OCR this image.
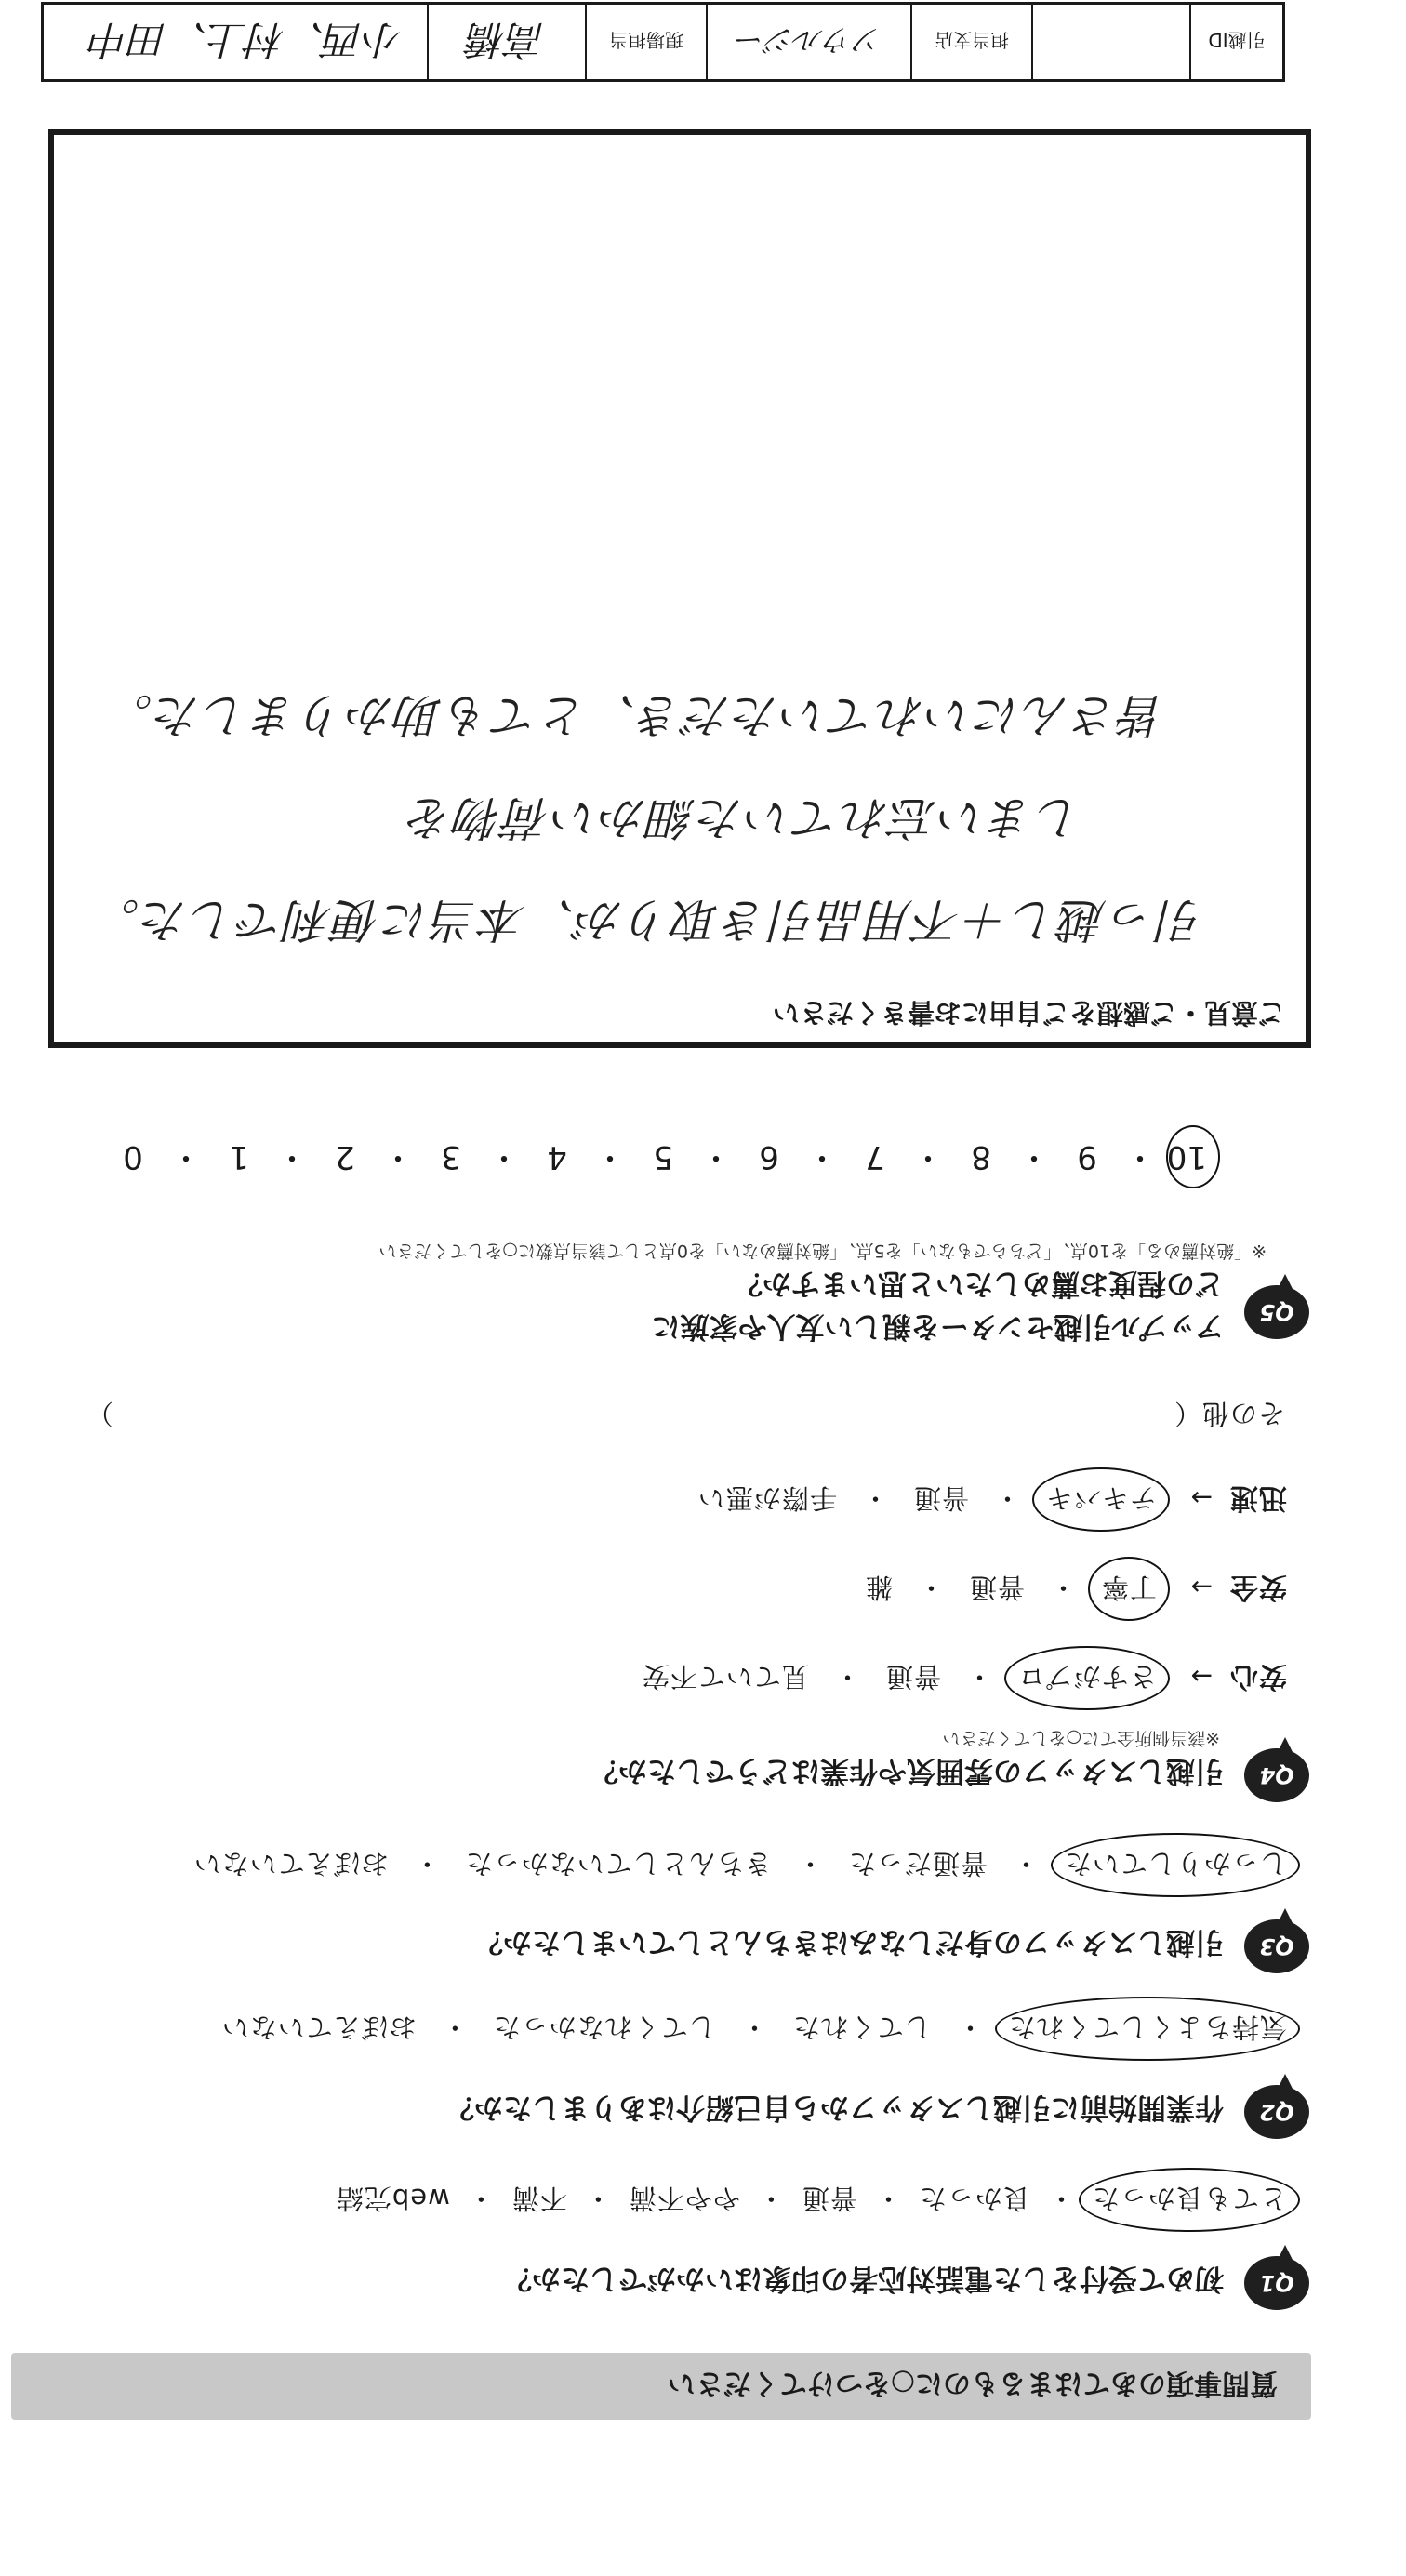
質問事項のあてはまるものに○をつけてください
Q1
初めて受付をした電話対応者の印象はいかがでしたか？
とても良かった・良かった・普通・やや不満・不満・web完結
Q2
作業開始前に引越しスタッフから自己紹介はありましたか？
気持ちよくしてくれた・してくれた・してくれなかった・おぼえていない
Q3
引越しスタッフの身だしなみはきちんとしていましたか？
しっかりしていた・普通だった・きちんとしていなかった・おぼえていない
Q4
引越しスタッフの雰囲気や作業はどうでしたか？
※該当個所全てに○をしてください
安心→さすがプロ・普通・見ていて不安
安全→丁寧・普通・雑
迅速→テキパキ・普通・手際が悪い
その他（
）
Q5
アップル引越センターを親しい友人や家族に
どの程度お薦めしたいと思いますか？
※「絶対薦める」を10点、「どちらでもない」を5点、「絶対薦めない」を0点として該当点数に○をしてください
10・9・8・7・6・5・4・3・2・1・0
ご意見・ご感想をご自由にお書きください
引っ越し＋不用品引き取りが、本当に便利でした。
しまい忘れていた細かい荷物を
皆さんにいれていただき、とても助かりました。
引越ID
担当支店
ソウルジー
現場担当
高橋
小西、村上、田中
